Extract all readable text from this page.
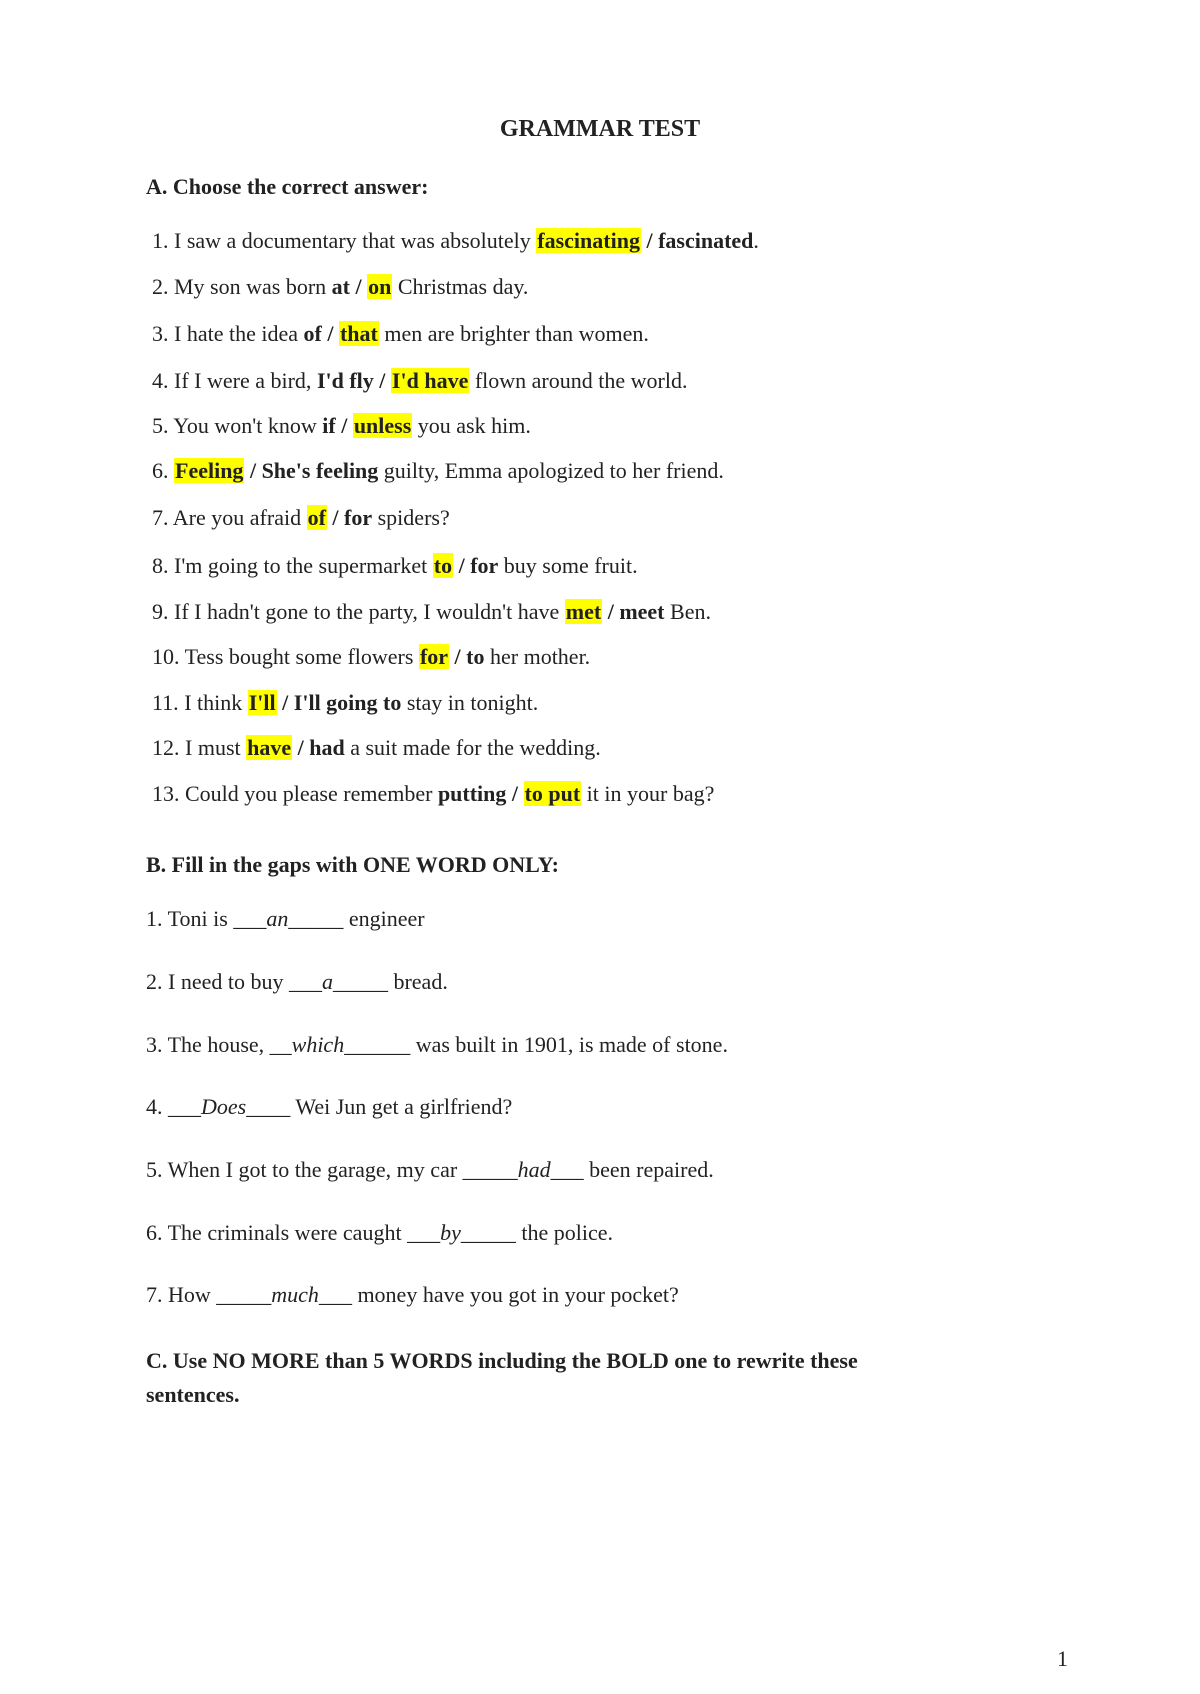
GRAMMAR TEST
A. Choose the correct answer:
1. I saw a documentary that was absolutely fascinating / fascinated.
2. My son was born at / on Christmas day.
3. I hate the idea of / that men are brighter than women.
4. If I were a bird, I'd fly / I'd have flown around the world.
5. You won't know if / unless you ask him.
6. Feeling / She's feeling guilty, Emma apologized to her friend.
7. Are you afraid of / for spiders?
8. I'm going to the supermarket to / for buy some fruit.
9. If I hadn't gone to the party, I wouldn't have met / meet Ben.
10. Tess bought some flowers for / to her mother.
11. I think I'll / I'll going to stay in tonight.
12. I must have / had a suit made for the wedding.
13. Could you please remember putting / to put it in your bag?
B. Fill in the gaps with ONE WORD ONLY:
1. Toni is ___an_____ engineer
2. I need to buy ___a_____ bread.
3. The house, __which______ was built in 1901, is made of stone.
4. ___Does____ Wei Jun get a girlfriend?
5. When I got to the garage, my car _____had___ been repaired.
6. The criminals were caught ___by_____ the police.
7. How _____much___ money have you got in your pocket?
C. Use NO MORE than 5 WORDS including the BOLD one to rewrite these
sentences.
1
